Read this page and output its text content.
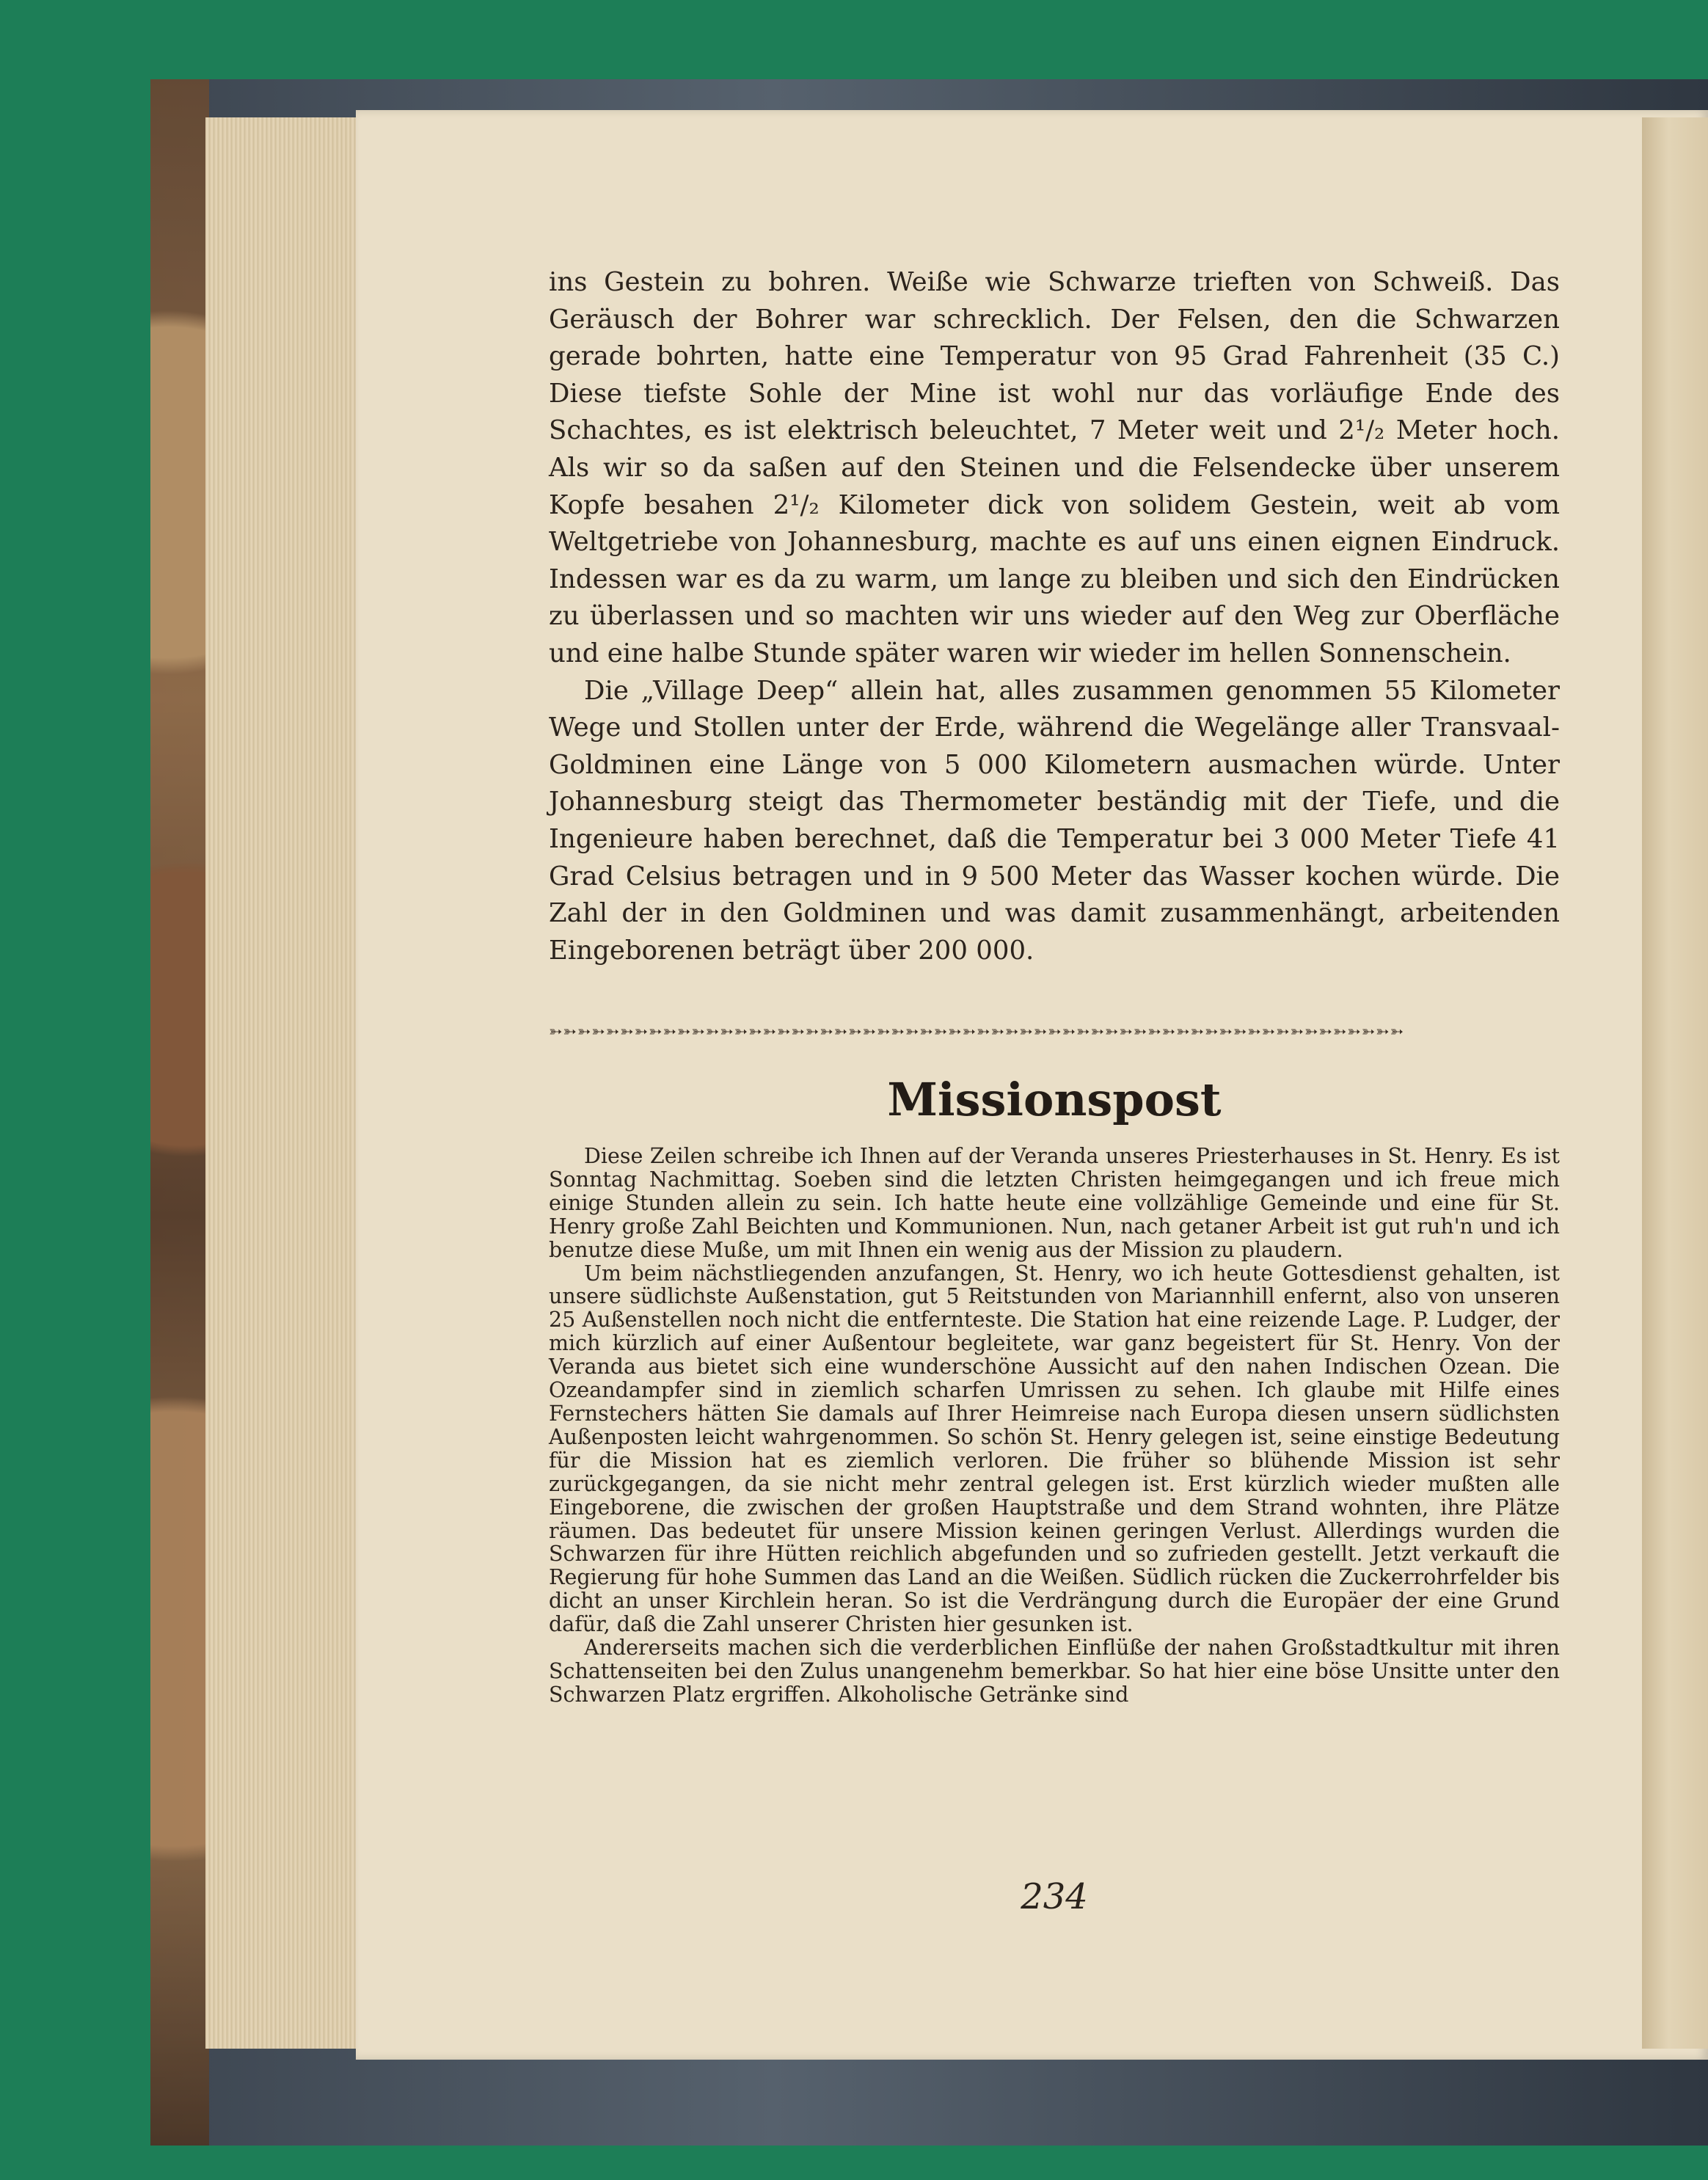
ins Gestein zu bohren. Weiße wie Schwarze trieften von Schweiß. Das Geräusch der Bohrer war schrecklich. Der Felsen, den die Schwarzen gerade bohrten, hatte eine Temperatur von 95 Grad Fahrenheit (35 C.) Diese tiefste Sohle der Mine ist wohl nur das vorläufige Ende des Schachtes, es ist elektrisch beleuchtet, 7 Meter weit und 2¹/₂ Meter hoch. Als wir so da saßen auf den Steinen und die Felsendecke über unserem Kopfe besahen 2¹/₂ Kilometer dick von solidem Gestein, weit ab vom Weltgetriebe von Johannesburg, machte es auf uns einen eignen Eindruck. Indessen war es da zu warm, um lange zu bleiben und sich den Eindrücken zu überlassen und so machten wir uns wieder auf den Weg zur Oberfläche und eine halbe Stunde später waren wir wieder im hellen Sonnenschein.

Die „Village Deep“ allein hat, alles zusammen genommen 55 Kilometer Wege und Stollen unter der Erde, während die Wegelänge aller Transvaal-Goldminen eine Länge von 5 000 Kilometern ausmachen würde. Unter Johannesburg steigt das Thermometer beständig mit der Tiefe, und die Ingenieure haben berechnet, daß die Temperatur bei 3 000 Meter Tiefe 41 Grad Celsius betragen und in 9 500 Meter das Wasser kochen würde. Die Zahl der in den Goldminen und was damit zusammenhängt, arbeitenden Eingeborenen beträgt über 200 000.

➳➳➳➳➳➳➳➳➳➳➳➳➳➳➳➳➳➳➳➳➳➳➳➳➳➳➳➳➳➳➳➳➳➳➳➳➳➳➳➳➳➳➳➳➳➳➳➳➳➳➳➳➳➳➳➳➳➳➳➳
Missionspost

Diese Zeilen schreibe ich Ihnen auf der Veranda unseres Priesterhauses in St. Henry. Es ist Sonntag Nachmittag. Soeben sind die letzten Christen heimgegangen und ich freue mich einige Stunden allein zu sein. Ich hatte heute eine vollzählige Gemeinde und eine für St. Henry große Zahl Beichten und Kommunionen. Nun, nach getaner Arbeit ist gut ruh'n und ich benutze diese Muße, um mit Ihnen ein wenig aus der Mission zu plaudern.

Um beim nächstliegenden anzufangen, St. Henry, wo ich heute Gottesdienst gehalten, ist unsere südlichste Außenstation, gut 5 Reitstunden von Mariannhill enfernt, also von unseren 25 Außenstellen noch nicht die entfernteste. Die Station hat eine reizende Lage. P. Ludger, der mich kürzlich auf einer Außentour begleitete, war ganz begeistert für St. Henry. Von der Veranda aus bietet sich eine wunderschöne Aussicht auf den nahen Indischen Ozean. Die Ozeandampfer sind in ziemlich scharfen Umrissen zu sehen. Ich glaube mit Hilfe eines Fernstechers hätten Sie damals auf Ihrer Heimreise nach Europa diesen unsern südlichsten Außenposten leicht wahrgenommen. So schön St. Henry gelegen ist, seine einstige Bedeutung für die Mission hat es ziemlich verloren. Die früher so blühende Mission ist sehr zurückgegangen, da sie nicht mehr zentral gelegen ist. Erst kürzlich wieder mußten alle Eingeborene, die zwischen der großen Hauptstraße und dem Strand wohnten, ihre Plätze räumen. Das bedeutet für unsere Mission keinen geringen Verlust. Allerdings wurden die Schwarzen für ihre Hütten reichlich abgefunden und so zufrieden gestellt. Jetzt verkauft die Regierung für hohe Summen das Land an die Weißen. Südlich rücken die Zuckerrohrfelder bis dicht an unser Kirchlein heran. So ist die Verdrängung durch die Europäer der eine Grund dafür, daß die Zahl unserer Christen hier gesunken ist.

Andererseits machen sich die verderblichen Einflüße der nahen Großstadtkultur mit ihren Schattenseiten bei den Zulus unangenehm bemerkbar. So hat hier eine böse Unsitte unter den Schwarzen Platz ergriffen. Alkoholische Getränke sind

234
